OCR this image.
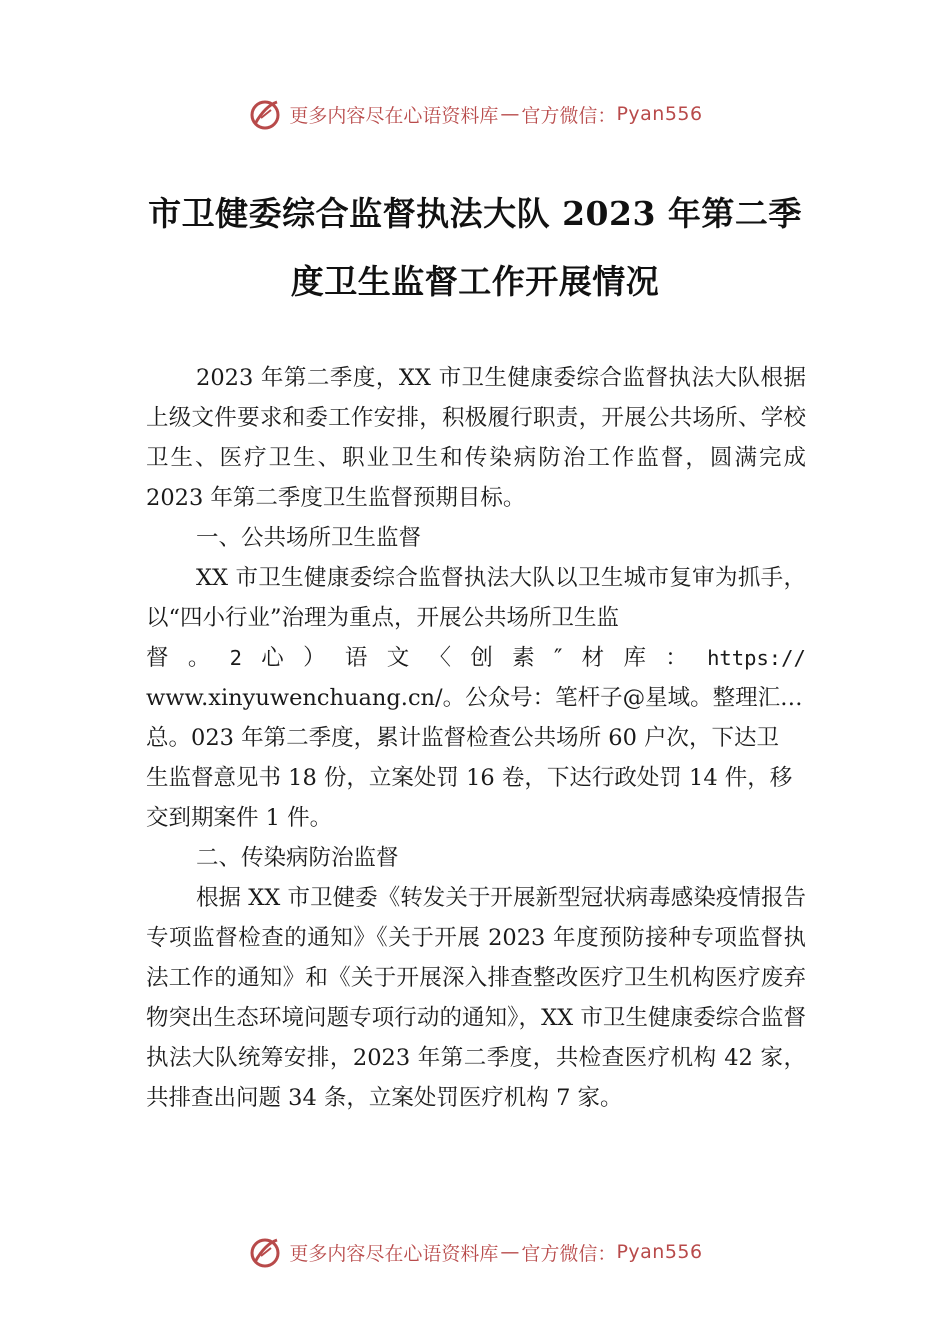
更多内容尽在心语资料库 — 官方微信： Pyan556
市卫健委综合监督执法大队 2023 年第二季
度卫生监督工作开展情况

2023 年第二季度，XX 市卫生健康委综合监督执法大队根据上级文件要求和委工作安排，积极履行职责，开展公共场所、学校卫生、医疗卫生、职业卫生和传染病防治工作监督，圆满完成 2023 年第二季度卫生监督预期目标。

一、公共场所卫生监督

XX 市卫生健康委综合监督执法大队以卫生城市复审为抓手，以“四小行业”治理为重点，开展公共场所卫生监

督 。 2 心 ） 语 文 〈 创 素 ″ 材 库 ： https://

www.xinyuwenchuang.cn/。公众号：笔杆子@星域。整理汇…总。023 年第二季度，累计监督检查公共场所 60 户次，下达卫

生监督意见书 18 份，立案处罚 16 卷，下达行政处罚 14 件，移交到期案件 1 件。

二、传染病防治监督

根据 XX 市卫健委《转发关于开展新型冠状病毒感染疫情报告专项监督检查的通知》《关于开展 2023 年度预防接种专项监督执法工作的通知》和《关于开展深入排查整改医疗卫生机构医疗废弃物突出生态环境问题专项行动的通知》，XX 市卫生健康委综合监督执法大队统筹安排，2023 年第二季度，共检查医疗机构 42 家，共排查出问题 34 条，立案处罚医疗机构 7 家。

更多内容尽在心语资料库 — 官方微信： Pyan556
